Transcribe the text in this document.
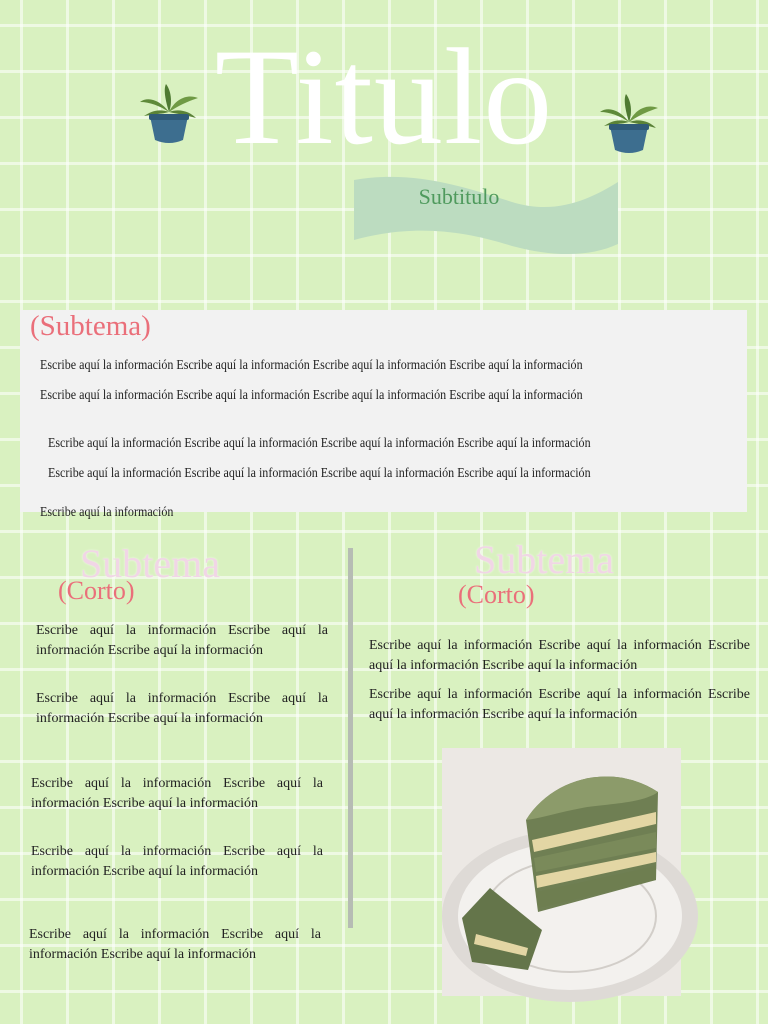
Titulo
Subtitulo
(Subtema)
Escribe aquí la información Escribe aquí la información Escribe aquí la información Escribe aquí la información
Escribe aquí la información Escribe aquí la información Escribe aquí la información Escribe aquí la información
Escribe aquí la información Escribe aquí la información Escribe aquí la información Escribe aquí la información
Escribe aquí la información Escribe aquí la información Escribe aquí la información Escribe aquí la información
Escribe aquí la información
Subtema
(Corto)
Escribe aquí la información Escribe aquí la información Escribe aquí la información
Escribe aquí la información Escribe aquí la información Escribe aquí la información
Escribe aquí la información Escribe aquí la información Escribe aquí la información
Escribe aquí la información Escribe aquí la información Escribe aquí la información
Escribe aquí la información Escribe aquí la información Escribe aquí la información
Subtema
(Corto)
Escribe aquí la información Escribe aquí la información Escribe aquí la información Escribe aquí la información
Escribe aquí la información Escribe aquí la información Escribe aquí la información Escribe aquí la información
